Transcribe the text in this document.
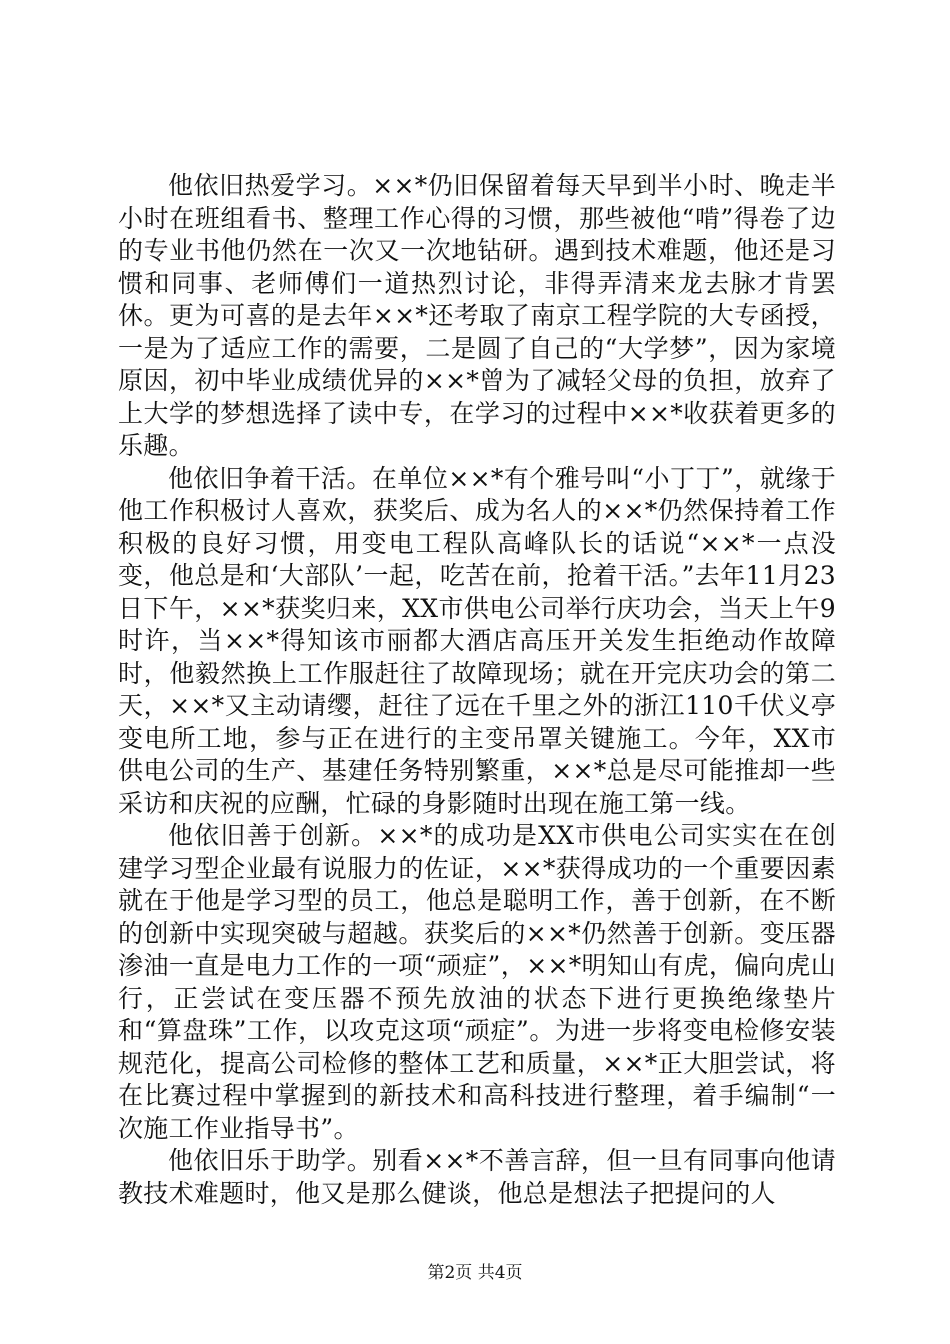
他依旧热爱学习。××*仍旧保留着每天早到半小时、晚走半小时在班组看书、整理工作心得的习惯，那些被他“啃”得卷了边的专业书他仍然在一次又一次地钻研。遇到技术难题，他还是习惯和同事、老师傅们一道热烈讨论，非得弄清来龙去脉才肯罢休。更为可喜的是去年××*还考取了南京工程学院的大专函授，一是为了适应工作的需要，二是圆了自己的“大学梦”，因为家境原因，初中毕业成绩优异的××*曾为了减轻父母的负担，放弃了上大学的梦想选择了读中专，在学习的过程中××*收获着更多的乐趣。

他依旧争着干活。在单位××*有个雅号叫“小丁丁”，就缘于他工作积极讨人喜欢，获奖后、成为名人的××*仍然保持着工作积极的良好习惯，用变电工程队高峰队长的话说“××*一点没变，他总是和‘大部队’一起，吃苦在前，抢着干活。”去年11月23日下午，××*获奖归来，XX市供电公司举行庆功会，当天上午9时许，当××*得知该市丽都大酒店高压开关发生拒绝动作故障时，他毅然换上工作服赶往了故障现场；就在开完庆功会的第二天，××*又主动请缨，赶往了远在千里之外的浙江110千伏义亭变电所工地，参与正在进行的主变吊罩关键施工。今年，XX市供电公司的生产、基建任务特别繁重，××*总是尽可能推却一些采访和庆祝的应酬，忙碌的身影随时出现在施工第一线。

他依旧善于创新。××*的成功是XX市供电公司实实在在创建学习型企业最有说服力的佐证，××*获得成功的一个重要因素就在于他是学习型的员工，他总是聪明工作，善于创新，在不断的创新中实现突破与超越。获奖后的××*仍然善于创新。变压器渗油一直是电力工作的一项“顽症”，××*明知山有虎，偏向虎山行，正尝试在变压器不预先放油的状态下进行更换绝缘垫片和“算盘珠”工作，以攻克这项“顽症”。为进一步将变电检修安装规范化，提高公司检修的整体工艺和质量，××*正大胆尝试，将在比赛过程中掌握到的新技术和高科技进行整理，着手编制“一次施工作业指导书”。

他依旧乐于助学。别看××*不善言辞，但一旦有同事向他请教技术难题时，他又是那么健谈，他总是想法子把提问的人

第2页 共4页
